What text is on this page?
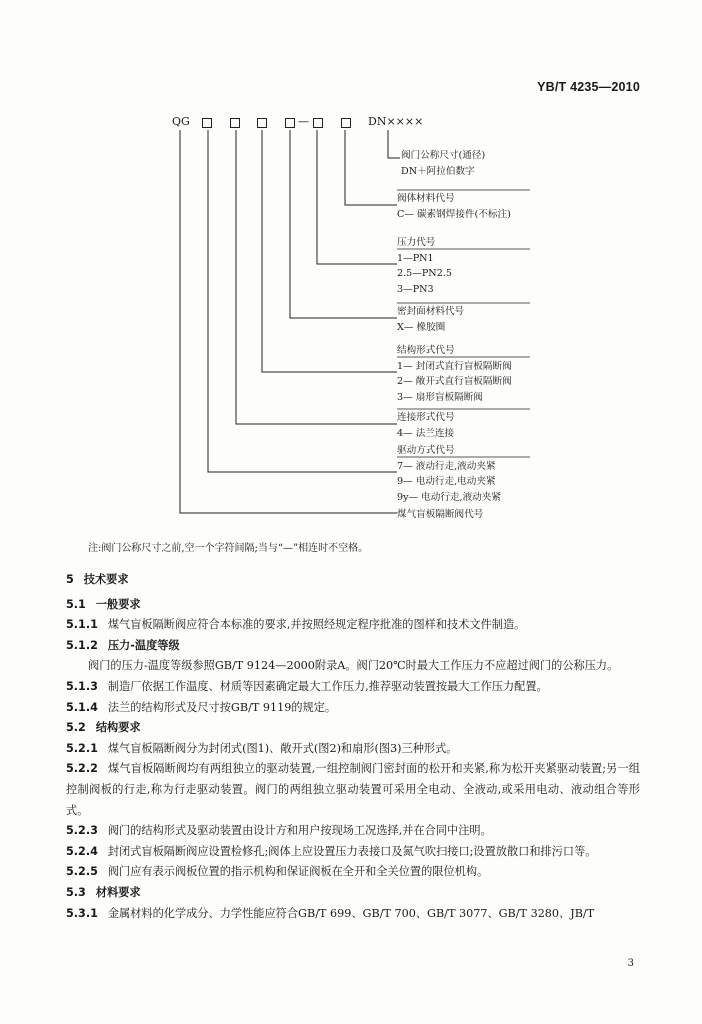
YB/T 4235—2010
QG	—	DN××××
阀门公称尺寸(通径)
DN＋阿拉伯数字
阀体材料代号
C— 碳素钢焊接件(不标注)
压力代号
1—PN1
2.5—PN2.5
3—PN3
密封面材料代号
X— 橡胶圈
结构形式代号
1— 封闭式直行盲板隔断阀
2— 敞开式直行盲板隔断阀
3— 扇形盲板隔断阀
连接形式代号
4— 法兰连接
驱动方式代号
7— 液动行走,液动夹紧
9— 电动行走,电动夹紧
9y— 电动行走,液动夹紧
煤气盲板隔断阀代号
注:阀门公称尺寸之前,空一个字符间隔;当与“—”相连时不空格。
5 技术要求
5.1 一般要求
5.1.1 煤气盲板隔断阀应符合本标准的要求,并按照经规定程序批准的图样和技术文件制造。
5.1.2 压力-温度等级
阀门的压力-温度等级参照GB/T 9124—2000附录A。阀门20℃时最大工作压力不应超过阀门的公称压力。
5.1.3 制造厂依据工作温度、材质等因素确定最大工作压力,推荐驱动装置按最大工作压力配置。
5.1.4 法兰的结构形式及尺寸按GB/T 9119的规定。
5.2 结构要求
5.2.1 煤气盲板隔断阀分为封闭式(图1)、敞开式(图2)和扇形(图3)三种形式。
5.2.2 煤气盲板隔断阀均有两组独立的驱动装置,一组控制阀门密封面的松开和夹紧,称为松开夹紧驱动装置;另一组控制阀板的行走,称为行走驱动装置。阀门的两组独立驱动装置可采用全电动、全液动,或采用电动、液动组合等形式。
5.2.3 阀门的结构形式及驱动装置由设计方和用户按现场工况选择,并在合同中注明。
5.2.4 封闭式盲板隔断阀应设置检修孔;阀体上应设置压力表接口及氮气吹扫接口;设置放散口和排污口等。
5.2.5 阀门应有表示阀板位置的指示机构和保证阀板在全开和全关位置的限位机构。
5.3 材料要求
5.3.1 金属材料的化学成分、力学性能应符合GB/T 699、GB/T 700、GB/T 3077、GB/T 3280、JB/T
3
